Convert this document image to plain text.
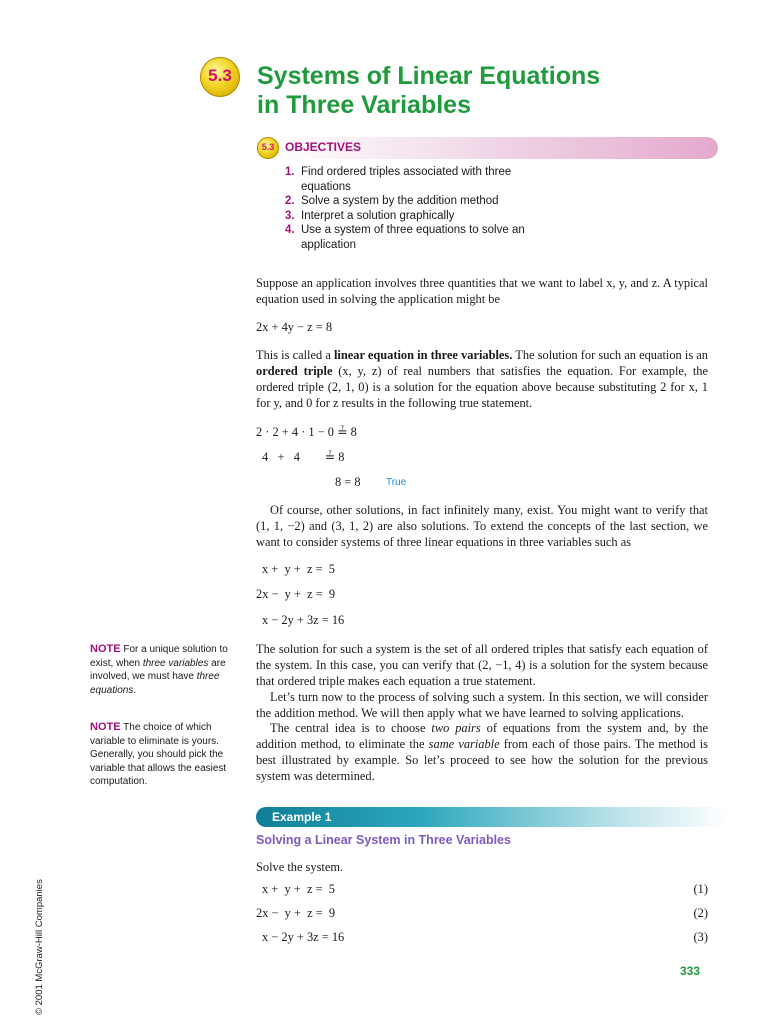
5.3	Systems of Linear Equations
in Three Variables
5.3 OBJECTIVES
1. Find ordered triples associated with three equations
2. Solve a system by the addition method
3. Interpret a solution graphically
4. Use a system of three equations to solve an application
Suppose an application involves three quantities that we want to label x, y, and z. A typical equation used in solving the application might be
2x + 4y − z = 8
This is called a linear equation in three variables. The solution for such an equation is an ordered triple (x, y, z) of real numbers that satisfies the equation. For example, the ordered triple (2, 1, 0) is a solution for the equation above because substituting 2 for x, 1 for y, and 0 for z results in the following true statement.
2 · 2 + 4 · 1 − 0 ≟ 8
4   +   4        ≟ 8
8 = 8	True
Of course, other solutions, in fact infinitely many, exist. You might want to verify that (1, 1, −2) and (3, 1, 2) are also solutions. To extend the concepts of the last section, we want to consider systems of three linear equations in three variables such as
x +  y +  z =  5
2x −  y +  z =  9
x − 2y + 3z = 16
NOTE For a unique solution to exist, when three variables are involved, we must have three equations.
NOTE The choice of which variable to eliminate is yours. Generally, you should pick the variable that allows the easiest computation.
The solution for such a system is the set of all ordered triples that satisfy each equation of the system. In this case, you can verify that (2, −1, 4) is a solution for the system because that ordered triple makes each equation a true statement.
Let’s turn now to the process of solving such a system. In this section, we will consider the addition method. We will then apply what we have learned to solving applications.
The central idea is to choose two pairs of equations from the system and, by the addition method, to eliminate the same variable from each of those pairs. The method is best illustrated by example. So let’s proceed to see how the solution for the previous system was determined.
Example 1
Solving a Linear System in Three Variables
Solve the system.
x +  y +  z =  5	(1)
2x −  y +  z =  9	(2)
x − 2y + 3z = 16	(3)
© 2001 McGraw-Hill Companies	333
